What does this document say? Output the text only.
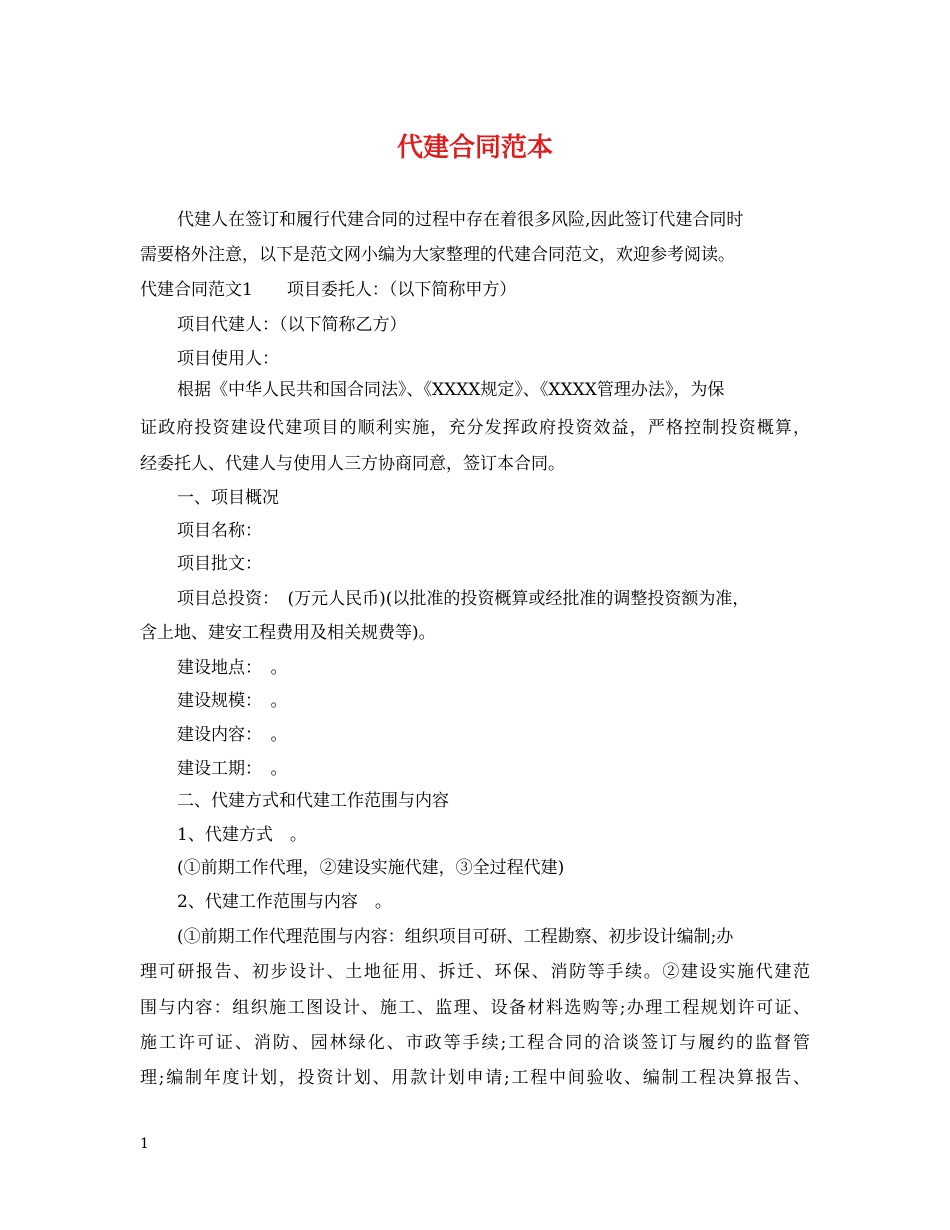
代建合同范本
代建人在签订和履行代建合同的过程中存在着很多风险,因此签订代建合同时
需要格外注意，以下是范文网小编为大家整理的代建合同范文，欢迎参考阅读。
代建合同范文1　　项目委托人：（以下简称甲方）
项目代建人：（以下简称乙方）
项目使用人：
根据《中华人民共和国合同法》、《XXXX规定》、《XXXX管理办法》，为保
证政府投资建设代建项目的顺利实施，充分发挥政府投资效益，严格控制投资概算，
经委托人、代建人与使用人三方协商同意，签订本合同。
一、项目概况
项目名称：
项目批文：
项目总投资：　(万元人民币)(以批准的投资概算或经批准的调整投资额为准，
含上地、建安工程费用及相关规费等)。
建设地点：　。
建设规模：　。
建设内容：　。
建设工期：　。
二、代建方式和代建工作范围与内容
1、代建方式　。
(①前期工作代理，②建设实施代建，③全过程代建)
2、代建工作范围与内容　。
(①前期工作代理范围与内容：组织项目可研、工程勘察、初步设计编制;办
理可研报告、初步设计、土地征用、拆迁、环保、消防等手续。②建设实施代建范
围与内容：组织施工图设计、施工、监理、设备材料选购等;办理工程规划许可证、
施工许可证、消防、园林绿化、市政等手续;工程合同的洽谈签订与履约的监督管
理;编制年度计划，投资计划、用款计划申请;工程中间验收、编制工程决算报告、
1
